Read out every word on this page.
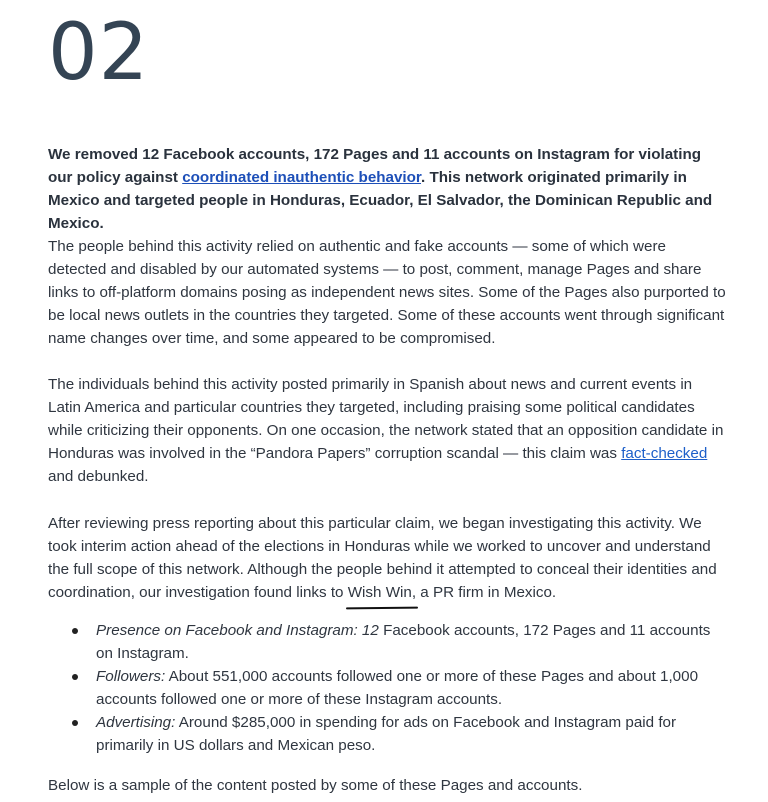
02

We removed 12 Facebook accounts, 172 Pages and 11 accounts on Instagram for violating our policy against coordinated inauthentic behavior. This network originated primarily in Mexico and targeted people in Honduras, Ecuador, El Salvador, the Dominican Republic and Mexico.

The people behind this activity relied on authentic and fake accounts — some of which were detected and disabled by our automated systems — to post, comment, manage Pages and share links to off-platform domains posing as independent news sites. Some of the Pages also purported to be local news outlets in the countries they targeted. Some of these accounts went through significant name changes over time, and some appeared to be compromised.

The individuals behind this activity posted primarily in Spanish about news and current events in Latin America and particular countries they targeted, including praising some political candidates while criticizing their opponents. On one occasion, the network stated that an opposition candidate in Honduras was involved in the “Pandora Papers” corruption scandal — this claim was fact-checked and debunked.

After reviewing press reporting about this particular claim, we began investigating this activity. We took interim action ahead of the elections in Honduras while we worked to uncover and understand the full scope of this network. Although the people behind it attempted to conceal their identities and coordination, our investigation found links to Wish Win, a PR firm in Mexico.

Presence on Facebook and Instagram: 12 Facebook accounts, 172 Pages and 11 accounts on Instagram.
Followers: About 551,000 accounts followed one or more of these Pages and about 1,000 accounts followed one or more of these Instagram accounts.
Advertising: Around $285,000 in spending for ads on Facebook and Instagram paid for primarily in US dollars and Mexican peso.

Below is a sample of the content posted by some of these Pages and accounts.
